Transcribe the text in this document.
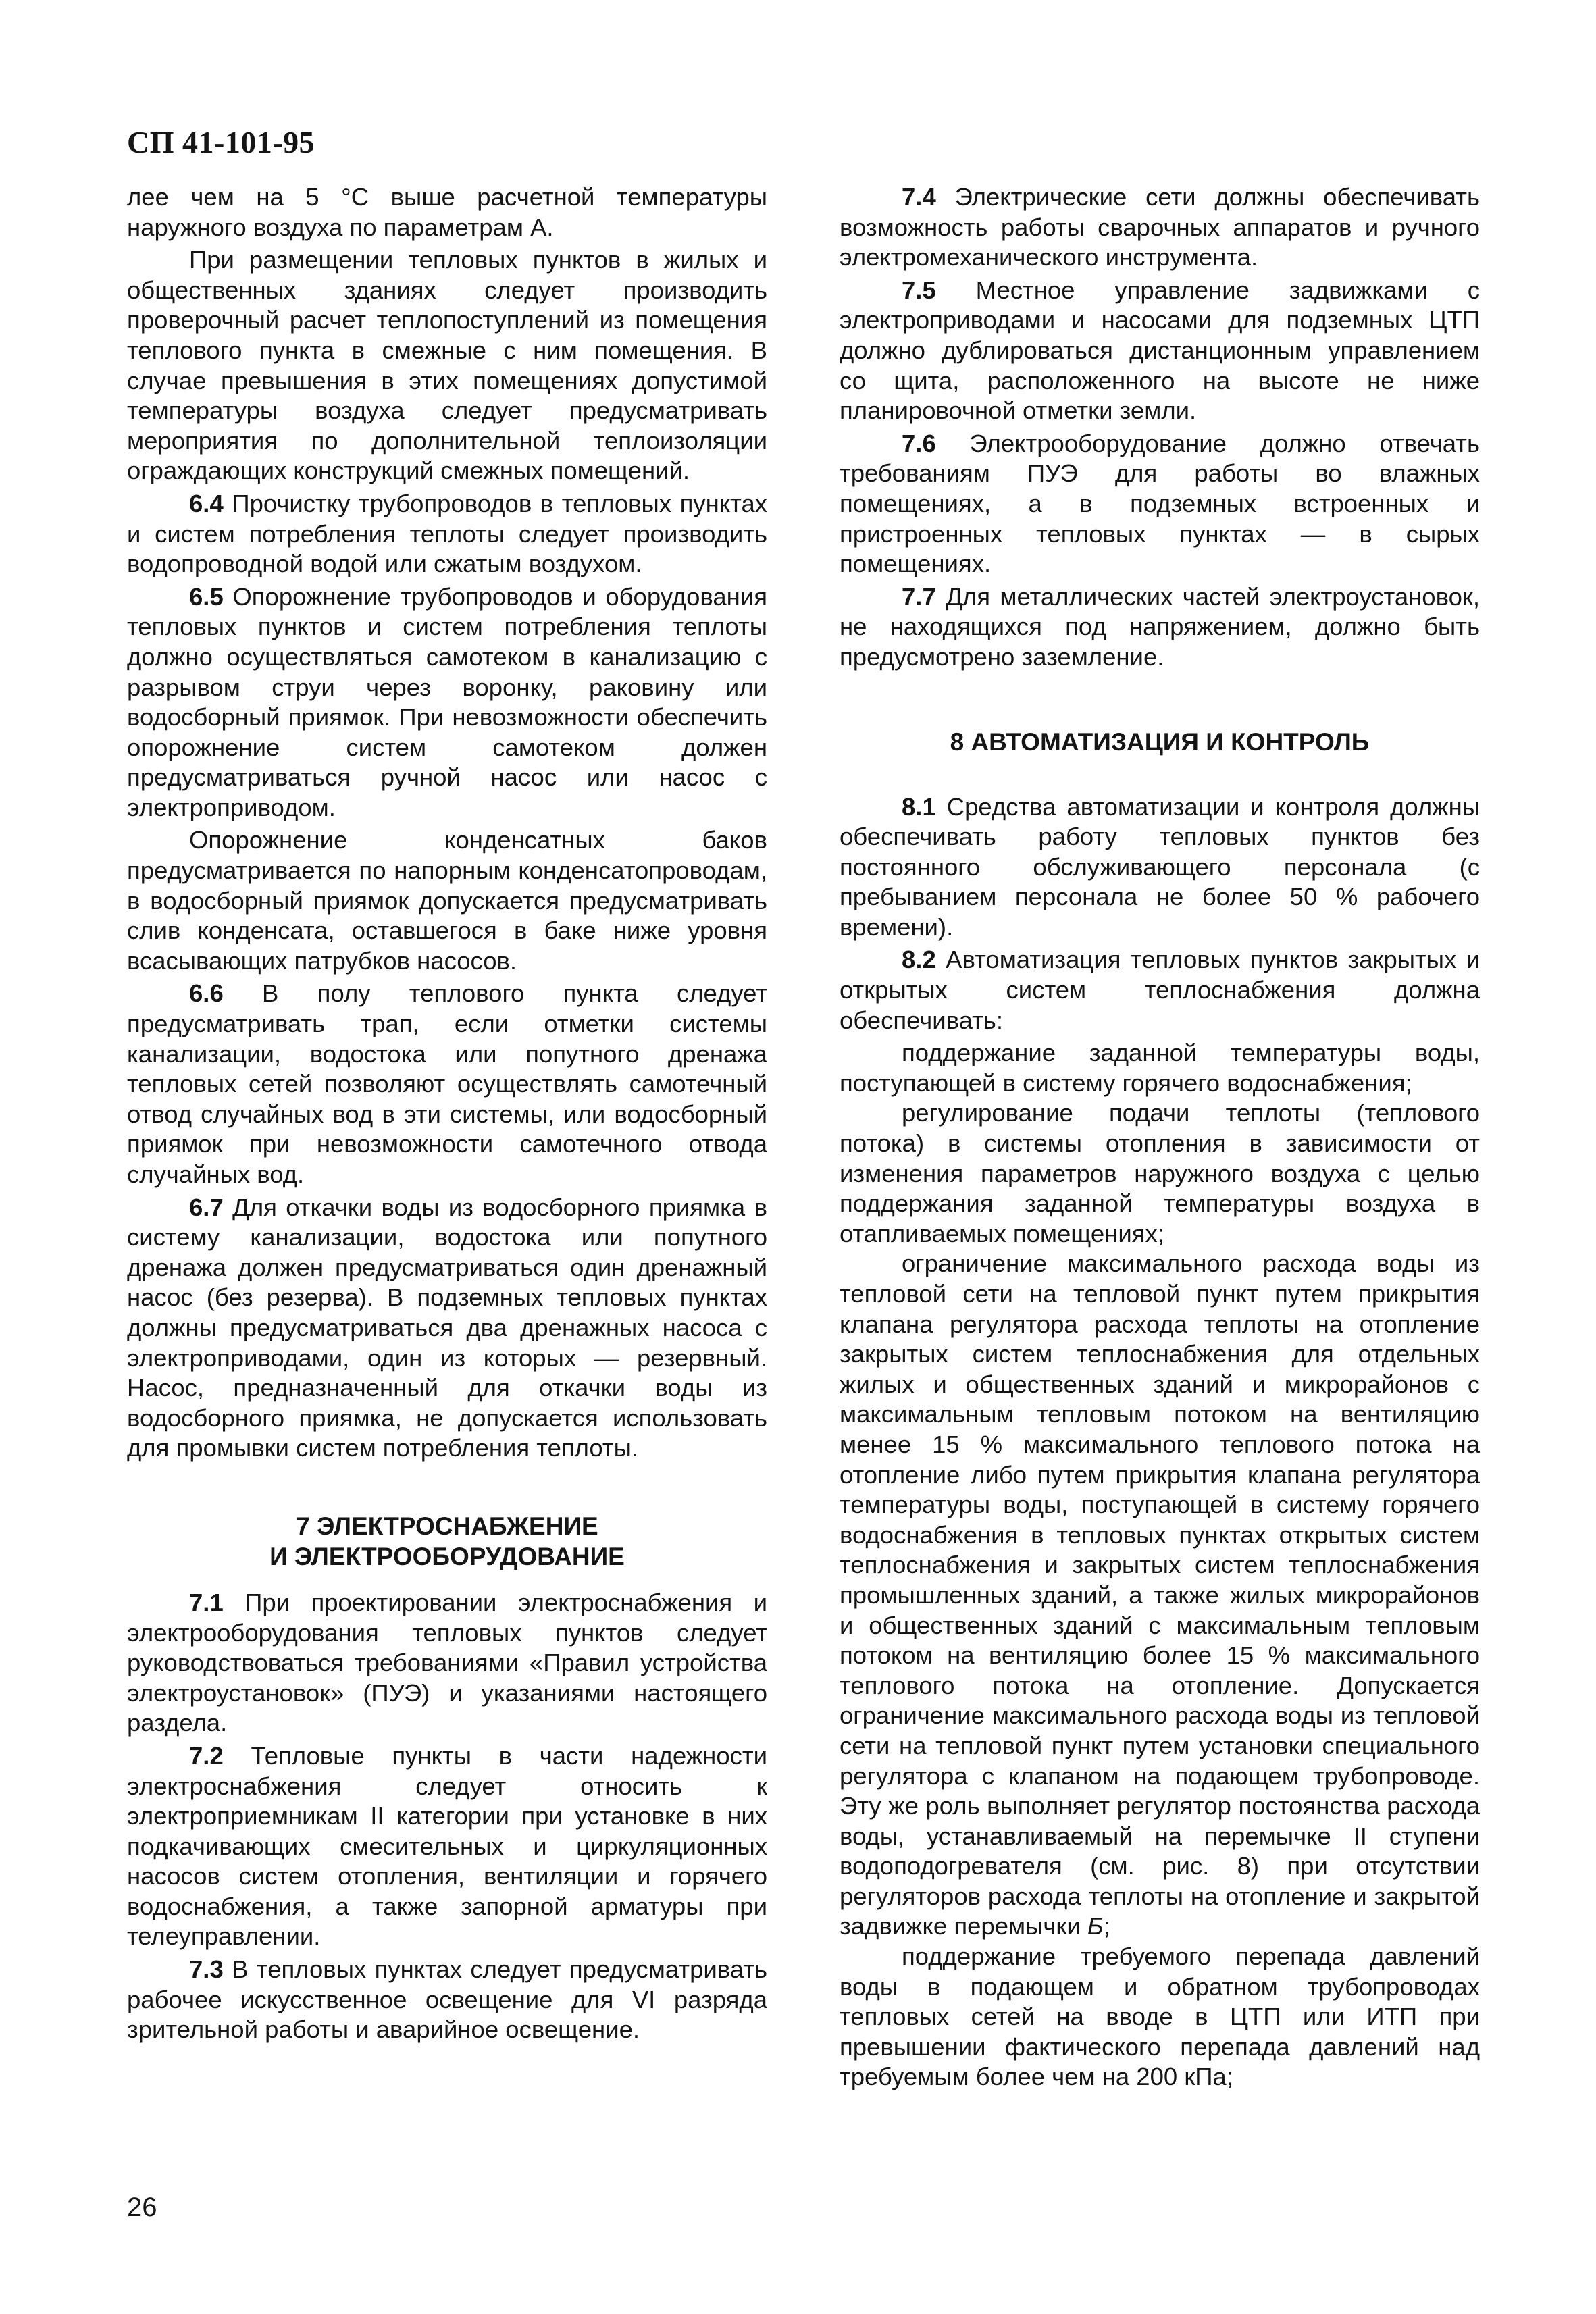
СП 41-101-95

лее чем на 5 °С выше расчетной температуры наружного воздуха по параметрам А.

При размещении тепловых пунктов в жилых и общественных зданиях следует производить проверочный расчет теплопоступлений из помещения теплового пункта в смежные с ним помещения. В случае превышения в этих помещениях допустимой температуры воздуха следует предусматривать мероприятия по дополнительной теплоизоляции ограждающих конструкций смежных помещений.

6.4 Прочистку трубопроводов в тепловых пунктах и систем потребления теплоты следует производить водопроводной водой или сжатым воздухом.

6.5 Опорожнение трубопроводов и оборудования тепловых пунктов и систем потребления теплоты должно осуществляться самотеком в канализацию с разрывом струи через воронку, раковину или водосборный приямок. При невозможности обеспечить опорожнение систем самотеком должен предусматриваться ручной насос или насос с электроприводом.

Опорожнение конденсатных баков предусматривается по напорным конденсатопроводам, в водосборный приямок допускается предусматривать слив конденсата, оставшегося в баке ниже уровня всасывающих патрубков насосов.

6.6 В полу теплового пункта следует предусматривать трап, если отметки системы канализации, водостока или попутного дренажа тепловых сетей позволяют осуществлять самотечный отвод случайных вод в эти системы, или водосборный приямок при невозможности самотечного отвода случайных вод.

6.7 Для откачки воды из водосборного приямка в систему канализации, водостока или попутного дренажа должен предусматриваться один дренажный насос (без резерва). В подземных тепловых пунктах должны предусматриваться два дренажных насоса с электроприводами, один из которых — резервный. Насос, предназначенный для откачки воды из водосборного приямка, не допускается использовать для промывки систем потребления теплоты.

7 ЭЛЕКТРОСНАБЖЕНИЕ
И ЭЛЕКТРООБОРУДОВАНИЕ

7.1 При проектировании электроснабжения и электрооборудования тепловых пунктов следует руководствоваться требованиями «Правил устройства электроустановок» (ПУЭ) и указаниями настоящего раздела.

7.2 Тепловые пункты в части надежности электроснабжения следует относить к электроприемникам II категории при установке в них подкачивающих смесительных и циркуляционных насосов систем отопления, вентиляции и горячего водоснабжения, а также запорной арматуры при телеуправлении.

7.3 В тепловых пунктах следует предусматривать рабочее искусственное освещение для VI разряда зрительной работы и аварийное освещение.

7.4 Электрические сети должны обеспечивать возможность работы сварочных аппаратов и ручного электромеханического инструмента.

7.5 Местное управление задвижками с электроприводами и насосами для подземных ЦТП должно дублироваться дистанционным управлением со щита, расположенного на высоте не ниже планировочной отметки земли.

7.6 Электрооборудование должно отвечать требованиям ПУЭ для работы во влажных помещениях, а в подземных встроенных и пристроенных тепловых пунктах — в сырых помещениях.

7.7 Для металлических частей электроустановок, не находящихся под напряжением, должно быть предусмотрено заземление.

8 АВТОМАТИЗАЦИЯ И КОНТРОЛЬ

8.1 Средства автоматизации и контроля должны обеспечивать работу тепловых пунктов без постоянного обслуживающего персонала (с пребыванием персонала не более 50 % рабочего времени).

8.2 Автоматизация тепловых пунктов закрытых и открытых систем теплоснабжения должна обеспечивать:

поддержание заданной температуры воды, поступающей в систему горячего водоснабжения;

регулирование подачи теплоты (теплового потока) в системы отопления в зависимости от изменения параметров наружного воздуха с целью поддержания заданной температуры воздуха в отапливаемых помещениях;

ограничение максимального расхода воды из тепловой сети на тепловой пункт путем прикрытия клапана регулятора расхода теплоты на отопление закрытых систем теплоснабжения для отдельных жилых и общественных зданий и микрорайонов с максимальным тепловым потоком на вентиляцию менее 15 % максимального теплового потока на отопление либо путем прикрытия клапана регулятора температуры воды, поступающей в систему горячего водоснабжения в тепловых пунктах открытых систем теплоснабжения и закрытых систем теплоснабжения промышленных зданий, а также жилых микрорайонов и общественных зданий с максимальным тепловым потоком на вентиляцию более 15 % максимального теплового потока на отопление. Допускается ограничение максимального расхода воды из тепловой сети на тепловой пункт путем установки специального регулятора с клапаном на подающем трубопроводе. Эту же роль выполняет регулятор постоянства расхода воды, устанавливаемый на перемычке II ступени водоподогревателя (см. рис. 8) при отсутствии регуляторов расхода теплоты на отопление и закрытой задвижке перемычки Б;

поддержание требуемого перепада давлений воды в подающем и обратном трубопроводах тепловых сетей на вводе в ЦТП или ИТП при превышении фактического перепада давлений над требуемым более чем на 200 кПа;

26
